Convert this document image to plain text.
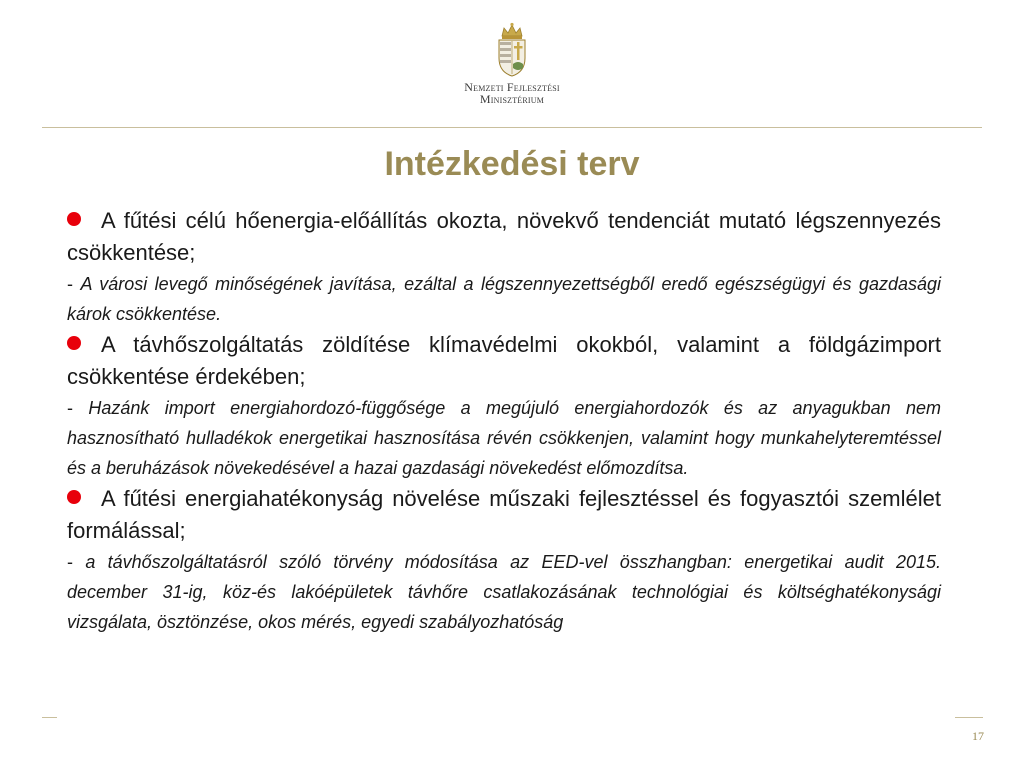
Nemzeti Fejlesztési
Minisztérium
Intézkedési terv

A fűtési célú hőenergia-előállítás okozta, növekvő tendenciát mutató légszennyezés csökkentése;

- A városi levegő minőségének javítása, ezáltal a légszennyezettségből eredő egészségügyi és gazdasági károk csökkentése.

A távhőszolgáltatás zöldítése klímavédelmi okokból, valamint a földgázimport csökkentése érdekében;

- Hazánk import energiahordozó-függősége a megújuló energiahordozók és az anyagukban nem hasznosítható hulladékok energetikai hasznosítása révén csökkenjen, valamint hogy munkahelyteremtéssel és a beruházások növekedésével a hazai gazdasági növekedést előmozdítsa.

A fűtési energiahatékonyság növelése műszaki fejlesztéssel és fogyasztói szemlélet formálással;

- a távhőszolgáltatásról szóló törvény módosítása az EED-vel összhangban: energetikai audit 2015. december 31-ig, köz-és lakóépületek távhőre csatlakozásának technológiai és költséghatékonysági vizsgálata, ösztönzése, okos mérés, egyedi szabályozhatóság

17
